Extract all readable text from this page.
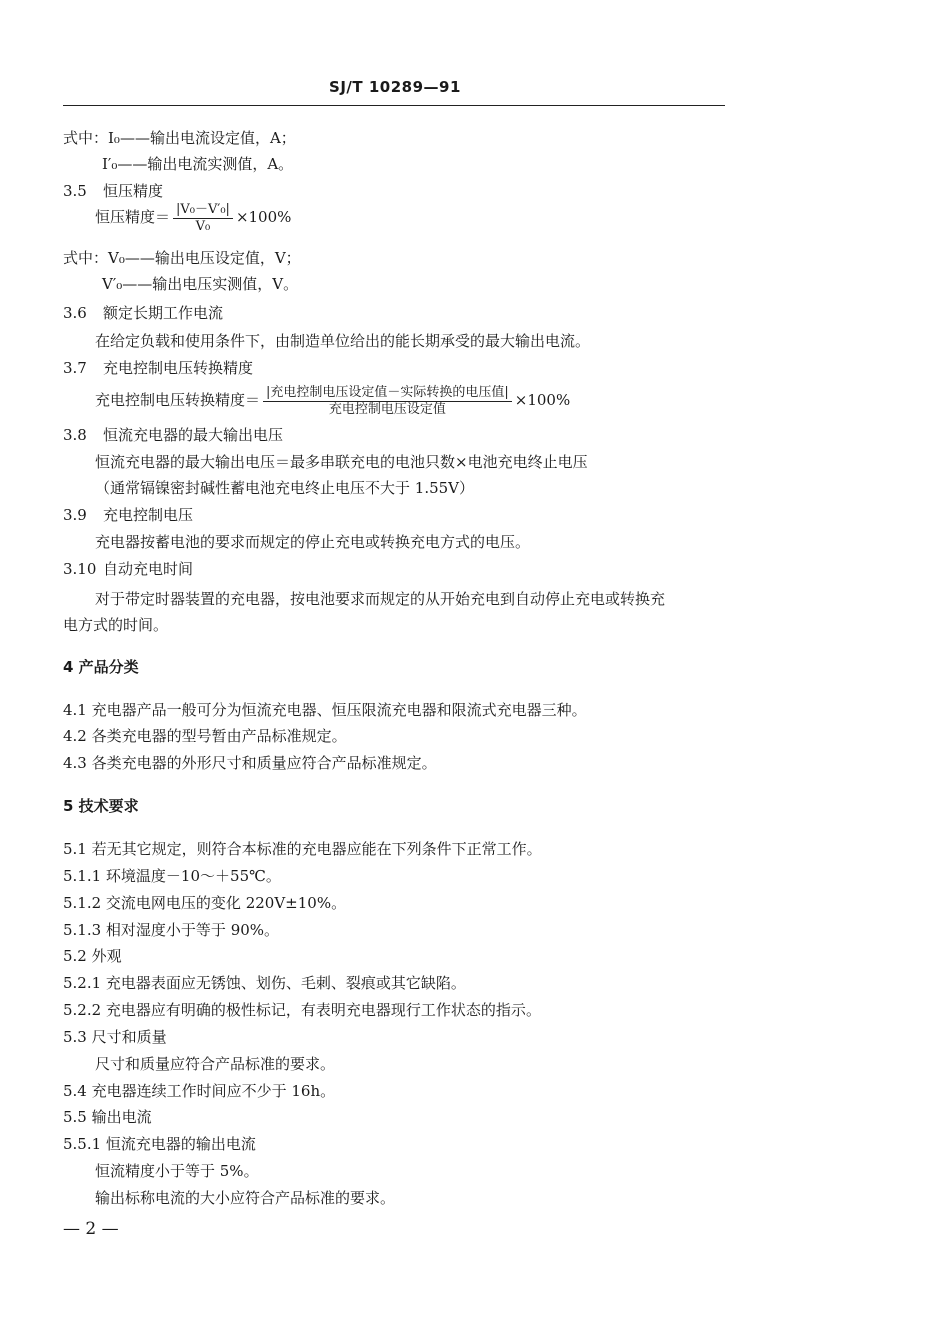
SJ/T 10289—91
式中：I₀——输出电流设定值，A；
I′₀——输出电流实测值，A。
3.5 恒压精度
恒压精度＝ $\frac{\text{|V₀－V′₀|}}{\text{V₀}} \times 100\%$
式中：V₀——输出电压设定值，V；
V′₀——输出电压实测值，V。
3.6 额定长期工作电流
在给定负载和使用条件下，由制造单位给出的能长期承受的最大输出电流。
3.7 充电控制电压转换精度
充电控制电压转换精度＝ $\frac{\text{|充电控制电压设定值－实际转换的电压值|}}{\text{充电控制电压设定值}} \times 100\%$
3.8 恒流充电器的最大输出电压
恒流充电器的最大输出电压＝最多串联充电的电池只数×电池充电终止电压
（通常镉镍密封碱性蓄电池充电终止电压不大于 1.55V）
3.9 充电控制电压
充电器按蓄电池的要求而规定的停止充电或转换充电方式的电压。
3.10 自动充电时间
对于带定时器装置的充电器，按电池要求而规定的从开始充电到自动停止充电或转换充
电方式的时间。
4 产品分类
4.1 充电器产品一般可分为恒流充电器、恒压限流充电器和限流式充电器三种。
4.2 各类充电器的型号暂由产品标准规定。
4.3 各类充电器的外形尺寸和质量应符合产品标准规定。
5 技术要求
5.1 若无其它规定，则符合本标准的充电器应能在下列条件下正常工作。
5.1.1 环境温度－10～＋55℃。
5.1.2 交流电网电压的变化 220V±10%。
5.1.3 相对湿度小于等于 90%。
5.2 外观
5.2.1 充电器表面应无锈蚀、划伤、毛刺、裂痕或其它缺陷。
5.2.2 充电器应有明确的极性标记，有表明充电器现行工作状态的指示。
5.3 尺寸和质量
尺寸和质量应符合产品标准的要求。
5.4 充电器连续工作时间应不少于 16h。
5.5 输出电流
5.5.1 恒流充电器的输出电流
恒流精度小于等于 5%。
输出标称电流的大小应符合产品标准的要求。
— 2 —
